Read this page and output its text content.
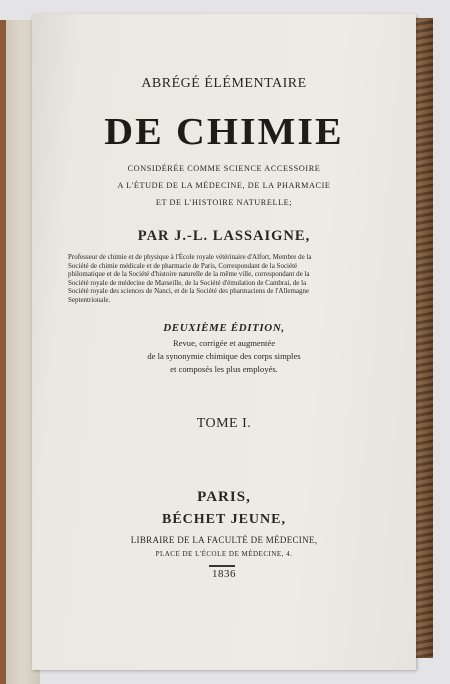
ABRÉGÉ ÉLÉMENTAIRE
DE CHIMIE
CONSIDÉRÉE COMME SCIENCE ACCESSOIRE
A L'ÉTUDE DE LA MÉDECINE, DE LA PHARMACIE
ET DE L'HISTOIRE NATURELLE;
PAR J.-L. LASSAIGNE,
Professeur de chimie et de physique à l'École royale vétérinaire d'Alfort, Membre de la
Société de chimie médicale et de pharmacie de Paris, Correspondant de la Société
philomatique et de la Société d'histoire naturelle de la même ville, correspondant de la
Société royale de médecine de Marseille, de la Société d'émulation de Cambrai, de la
Société royale des sciences de Nanci, et de la Société des pharmaciens de l'Allemagne
Septentrionale.
DEUXIÈME ÉDITION,
Revue, corrigée et augmentée
de la synonymie chimique des corps simples
et composés les plus employés.
TOME I.
PARIS,
BÉCHET JEUNE,
LIBRAIRE DE LA FACULTÉ DE MÉDECINE,
PLACE DE L'ÉCOLE DE MÉDECINE, 4.
1836
